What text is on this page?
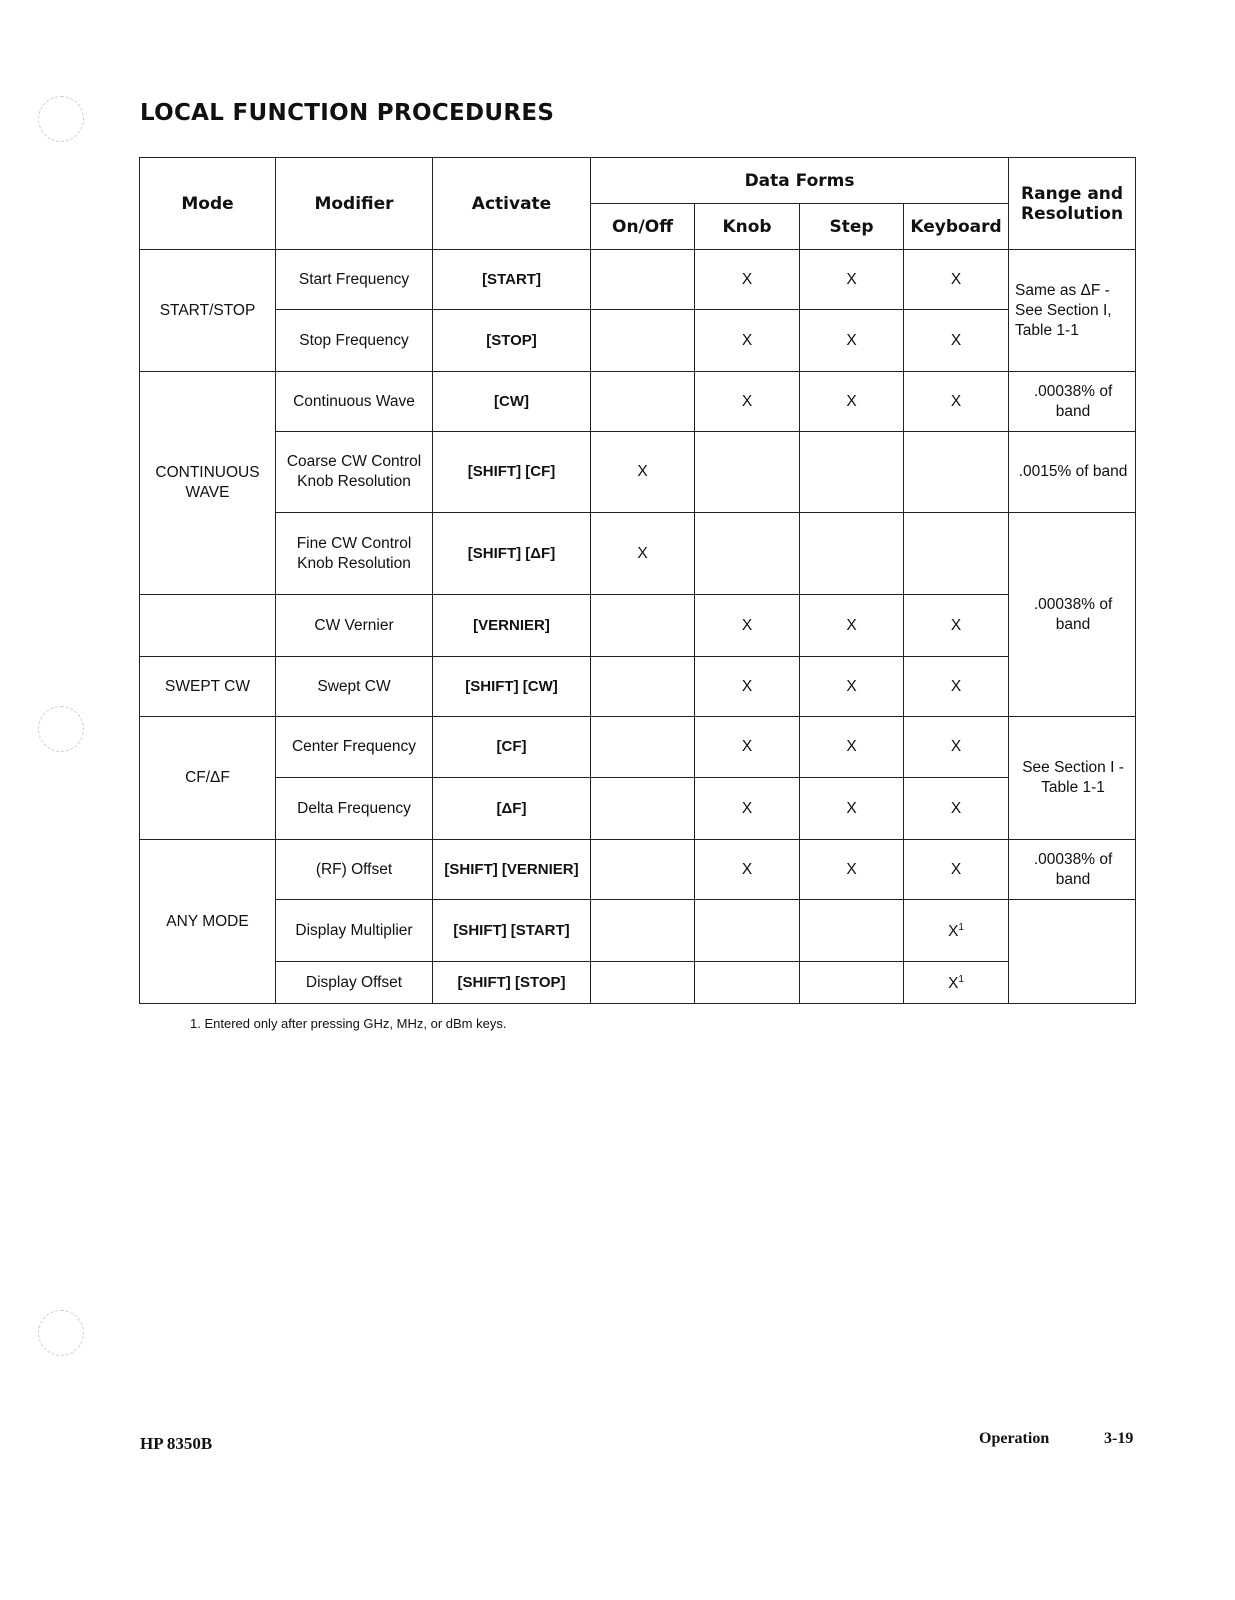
LOCAL FUNCTION PROCEDURES
Mode	Modifier	Activate	Data Forms				Range and Resolution
			On/Off	Knob	Step	Keyboard	
START/STOP	Start Frequency	[START]		X	X	X	Same as ΔF - See Section I, Table 1-1
	Stop Frequency	[STOP]		X	X	X	
CONTINUOUS WAVE	Continuous Wave	[CW]		X	X	X	.00038% of band
	Coarse CW Control Knob Resolution	[SHIFT] [CF]	X				.0015% of band
	Fine CW Control Knob Resolution	[SHIFT] [ΔF]	X				.00038% of band
	CW Vernier	[VERNIER]		X	X	X	
SWEPT CW	Swept CW	[SHIFT] [CW]		X	X	X	
CF/ΔF	Center Frequency	[CF]		X	X	X	See Section I - Table 1-1
	Delta Frequency	[ΔF]		X	X	X	
ANY MODE	(RF) Offset	[SHIFT] [VERNIER]		X	X	X	.00038% of band
	Display Multiplier	[SHIFT] [START]				$X^1$	
	Display Offset	[SHIFT] [STOP]				$X^1$

1. Entered only after pressing GHz, MHz, or dBm keys.

HP 8350B	Operation	3-19
